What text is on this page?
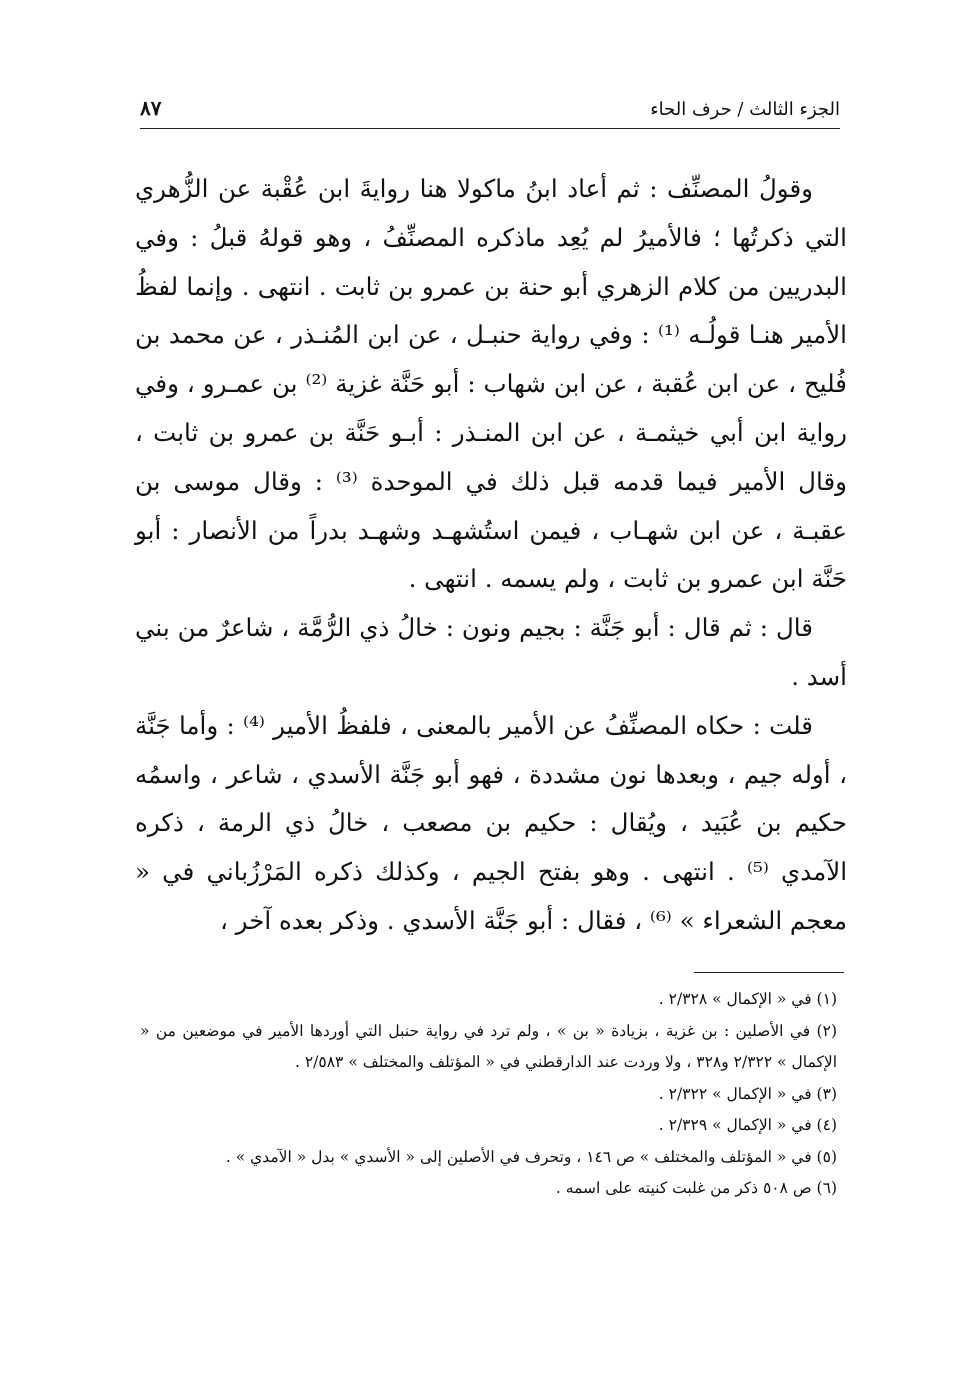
الجزء الثالث / حرف الحاء
٨٧

وقولُ المصنِّف : ثم أعاد ابنُ ماكولا هنا روايةَ ابن عُقْبة عن الزُّهري التي ذكرتُها ؛ فالأميرُ لم يُعِد ماذكره المصنِّفُ ، وهو قولهُ قبلُ : وفي البدريين من كلام الزهري أبو حنة بن عمرو بن ثابت . انتهى . وإنما لفظُ الأمير هنـا قولُـه ⁽¹⁾ : وفي رواية حنبـل ، عن ابن المُنـذر ، عن محمد بن فُليح ، عن ابن عُقبة ، عن ابن شهاب : أبو حَنَّة غزية ⁽²⁾ بن عمـرو ، وفي رواية ابن أبي خيثمـة ، عن ابن المنـذر : أبـو حَنَّة بن عمرو بن ثابت ، وقال الأمير فيما قدمه قبل ذلك في الموحدة ⁽³⁾ : وقال موسى بن عقبـة ، عن ابن شهـاب ، فيمن استُشهـد وشهـد بدراً من الأنصار : أبو حَنَّة ابن عمرو بن ثابت ، ولم يسمه . انتهى .

قال : ثم قال : أبو جَنَّة : بجيم ونون : خالُ ذي الرُّمَّة ، شاعرٌ من بني أسد .

قلت : حكاه المصنِّفُ عن الأمير بالمعنى ، فلفظُ الأمير ⁽⁴⁾ : وأما جَنَّة ، أوله جيم ، وبعدها نون مشددة ، فهو أبو جَنَّة الأسدي ، شاعر ، واسمُه حكيم بن عُبَيد ، ويُقال : حكيم بن مصعب ، خالُ ذي الرمة ، ذكره الآمدي ⁽⁵⁾ . انتهى . وهو بفتح الجيم ، وكذلك ذكره المَرْزُباني في « معجم الشعراء » ⁽⁶⁾ ، فقال : أبو جَنَّة الأسدي . وذكر بعده آخر ،

(١) في « الإكمال » ٢/٣٢٨ .

(٢) في الأصلين : بن غزية ، بزيادة « بن » ، ولم ترد في رواية حنبل التي أوردها الأمير في موضعين من « الإكمال » ٢/٣٢٢ و٣٢٨ ، ولا وردت عند الدارقطني في « المؤتلف والمختلف » ٢/٥٨٣ .

(٣) في « الإكمال » ٢/٣٢٢ .

(٤) في « الإكمال » ٢/٣٢٩ .

(٥) في « المؤتلف والمختلف » ص ١٤٦ ، وتحرف في الأصلين إلى « الأسدي » بدل « الآمدي » .

(٦) ص ٥٠٨ ذكر من غلبت كنيته على اسمه .
